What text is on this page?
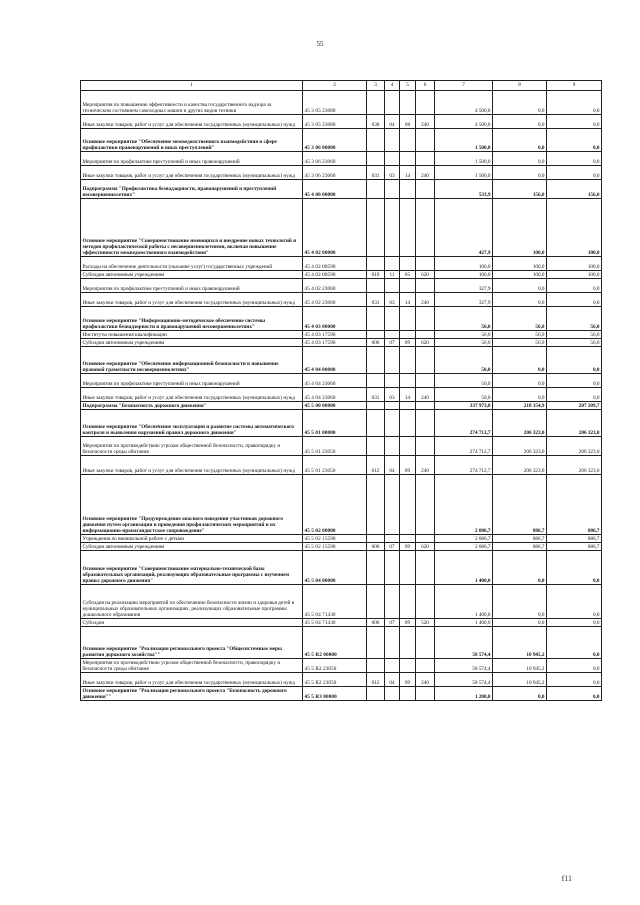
55
1	2	3	4	5	6	7	8	9
Мероприятия по повышению эффективности и качества государственного надзора за техническим состоянием самоходных машин и других видов техники	45 3 05 23080					4 500,0	0,0	0,0
Иные закупки товаров, работ и услуг для обеспечения государственных (муниципальных) нужд	45 3 05 23080	030	04	08	240	4 500,0	0,0	0,0
Основное мероприятие "Обеспечение межведомственного взаимодействия в сфере профилактики правонарушений и иных преступлений"	45 3 06 00000					1 500,0	0,0	0,0
Мероприятия по профилактике преступлений и иных правонарушений	45 3 06 23060					1 500,0	0,0	0,0
Иные закупки товаров, работ и услуг для обеспечения государственных (муниципальных) нужд	45 3 06 23060	031	03	14	240	1 500,0	0,0	0,0
Подпрограмма "Профилактика безнадзорности, правонарушений и преступлений несовершеннолетних"	45 4 00 00000					533,9	156,0	156,0
Основное мероприятие "Совершенствование имеющихся и внедрение новых технологий и методов профилактической работы с несовершеннолетними, включая повышение эффективности межведомственного взаимодействия"	45 4 02 00000					427,9	100,0	100,0
Расходы на обеспечение деятельности (оказание услуг) государственных учреждений	45 4 02 00590					100,0	100,0	100,0
Субсидии автономным учреждениям	45 4 02 00590	019	11	05	620	100,0	100,0	100,0
Мероприятия по профилактике преступлений и иных правонарушений	45 4 02 23060					327,9	0,0	0,0
Иные закупки товаров, работ и услуг для обеспечения государственных (муниципальных) нужд	45 4 02 23060	031	03	14	240	327,9	0,0	0,0
Основное мероприятие "Информационно-методическое обеспечение системы профилактики безнадзорности и правонарушений несовершеннолетних"	45 4 03 00000					56,0	56,0	56,0
Институты повышения квалификации	45 4 03 17590					56,0	56,0	56,0
Субсидии автономным учреждениям	45 4 03 17590	006	07	09	620	56,0	56,0	56,0
Основное мероприятие "Обеспечение информационной безопасности и повышение правовой грамотности несовершеннолетних"	45 4 04 00000					50,0	0,0	0,0
Мероприятия по профилактике преступлений и иных правонарушений	45 4 04 23060					50,0	0,0	0,0
Иные закупки товаров, работ и услуг для обеспечения государственных (муниципальных) нужд	45 4 04 23060	031	03	14	240	50,0	0,0	0,0
Подпрограмма "Безопасность дорожного движения"	45 5 00 00000					337 973,8	218 154,9	207 209,7
Основное мероприятие "Обеспечение эксплуатации и развитие системы автоматического контроля и выявления нарушений правил дорожного движения"	45 5 01 00000					274 712,7	206 323,0	206 323,0
Мероприятия по противодействию угрозам общественной безопасности, правопорядку и безопасности среды обитания	45 5 01 23050					274 712,7	206 323,0	206 323,0
Иные закупки товаров, работ и услуг для обеспечения государственных (муниципальных) нужд	45 5 01 23050	012	04	09	240	274 712,7	206 323,0	206 323,0
Основное мероприятие "Предупреждение опасного поведения участников дорожного движения путем организации и проведения профилактических мероприятий и их информационно-пропагандистское сопровождение"	45 5 02 00000					2 086,7	886,7	886,7
Учреждения по внешкольной работе с детьми	45 5 02 15590					2 086,7	886,7	886,7
Субсидии автономным учреждениям	45 5 02 15590	006	07	09	620	2 086,7	886,7	886,7
Основное мероприятие "Совершенствование материально-технической базы образовательных организаций, реализующих образовательные программы с изучением правил дорожного движения"	45 5 04 00000					1 400,0	0,0	0,0
Субсидия на реализацию мероприятий по обеспечению безопасности жизни и здоровья детей в муниципальных образовательных организациях, реализующих образовательные программы дошкольного образования	45 5 04 71430					1 400,0	0,0	0,0
Субсидии	45 5 04 71430	006	07	09	520	1 400,0	0,0	0,0
Основное мероприятие "Реализация регионального проекта "Общесистемные меры развития дорожного хозяйства""	45 5 R2 00000					58 574,4	10 945,2	0,0
Мероприятия по противодействию угрозам общественной безопасности, правопорядку и безопасности среды обитания	45 5 R2 23050					58 574,4	10 945,2	0,0
Иные закупки товаров, работ и услуг для обеспечения государственных (муниципальных) нужд	45 5 R2 23050	012	04	09	240	58 574,4	10 945,2	0,0
Основное мероприятие "Реализация регионального проекта "Безопасность дорожного движения""	45 5 R3 00000					1 200,0	0,0	0,0
f11
